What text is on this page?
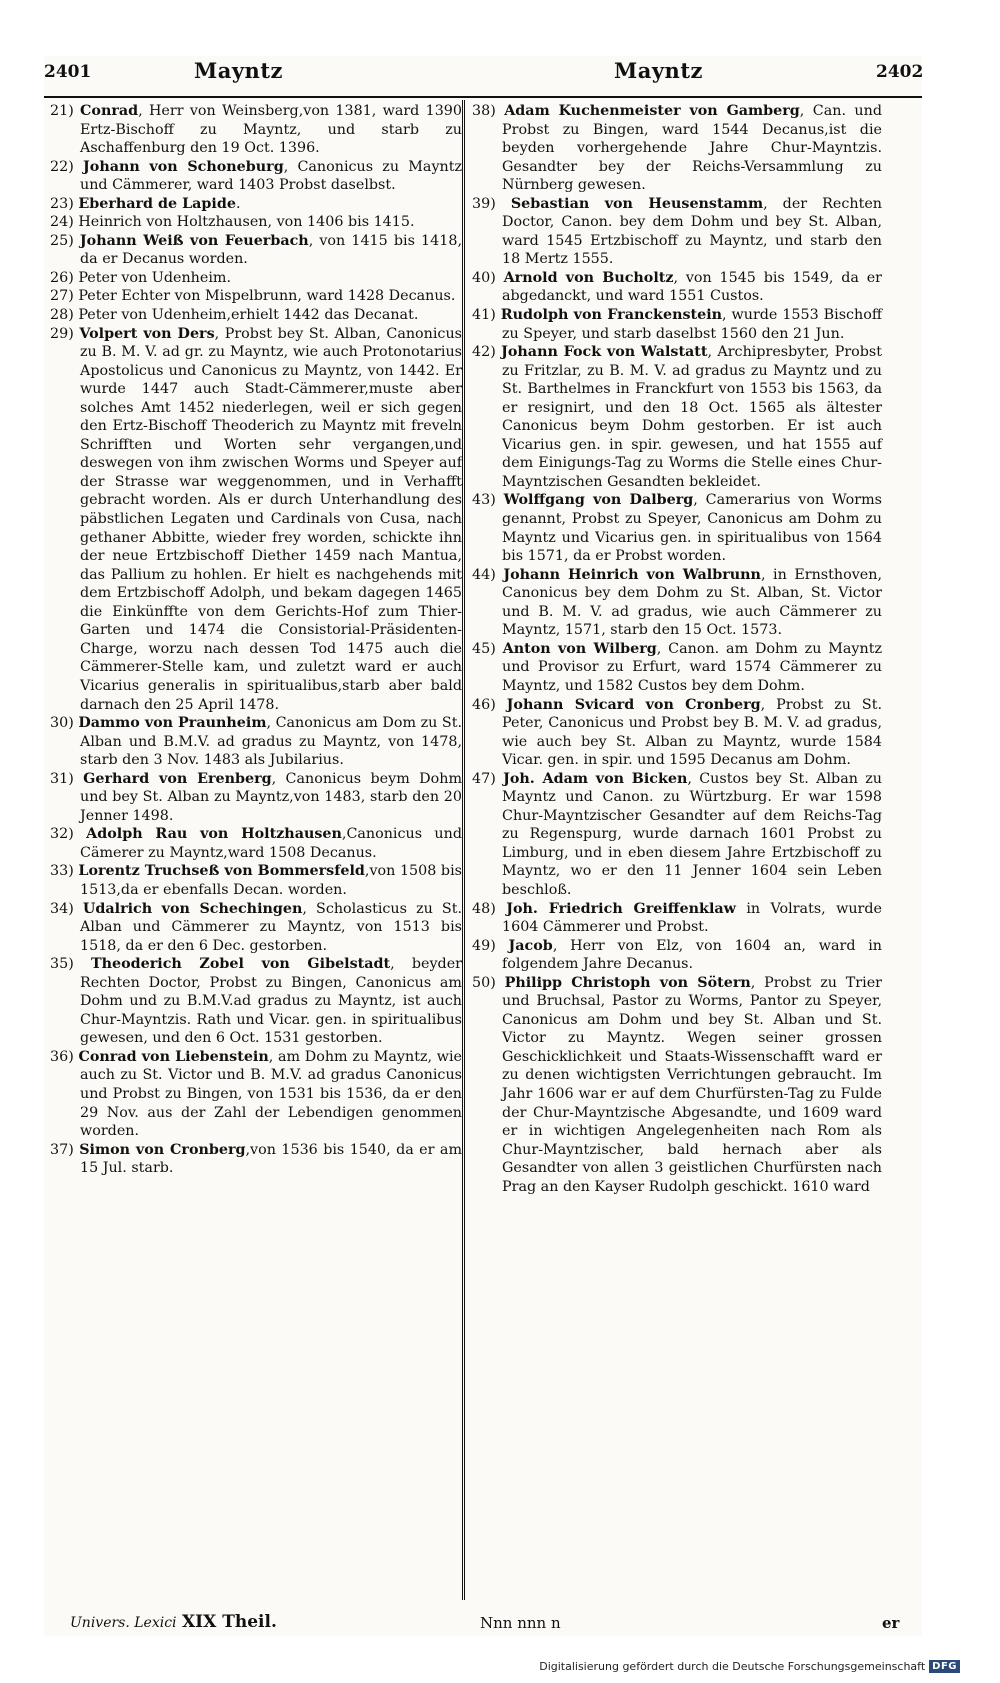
2401	Mayntz	Mayntz	2402

21) Conrad, Herr von Weinsberg,von 1381, ward 1390 Ertz-Bischoff zu Mayntz, und starb zu Aschaffenburg den 19 Oct. 1396.

22) Johann von Schoneburg, Canonicus zu Mayntz und Cämmerer, ward 1403 Probst daselbst.

23) Eberhard de Lapide.

24) Heinrich von Holtzhausen, von 1406 bis 1415.

25) Johann Weiß von Feuerbach, von 1415 bis 1418, da er Decanus worden.

26) Peter von Udenheim.

27) Peter Echter von Mispelbrunn, ward 1428 Decanus.

28) Peter von Udenheim,erhielt 1442 das Decanat.

29) Volpert von Ders, Probst bey St. Alban, Canonicus zu B. M. V. ad gr. zu Mayntz, wie auch Protonotarius Apostolicus und Canonicus zu Mayntz, von 1442. Er wurde 1447 auch Stadt-Cämmerer,muste aber solches Amt 1452 niederlegen, weil er sich gegen den Ertz-Bischoff Theoderich zu Mayntz mit freveln Schrifften und Worten sehr vergangen,und deswegen von ihm zwischen Worms und Speyer auf der Strasse war weggenommen, und in Verhafft gebracht worden. Als er durch Unterhandlung des päbstlichen Legaten und Cardinals von Cusa, nach gethaner Abbitte, wieder frey worden, schickte ihn der neue Ertzbischoff Diether 1459 nach Mantua, das Pallium zu hohlen. Er hielt es nachgehends mit dem Ertzbischoff Adolph, und bekam dagegen 1465 die Einkünffte von dem Gerichts-Hof zum Thier-Garten und 1474 die Consistorial-Präsidenten-Charge, worzu nach dessen Tod 1475 auch die Cämmerer-Stelle kam, und zuletzt ward er auch Vicarius generalis in spiritualibus,starb aber bald darnach den 25 April 1478.

30) Dammo von Praunheim, Canonicus am Dom zu St. Alban und B.M.V. ad gradus zu Mayntz, von 1478, starb den 3 Nov. 1483 als Jubilarius.

31) Gerhard von Erenberg, Canonicus beym Dohm und bey St. Alban zu Mayntz,von 1483, starb den 20 Jenner 1498.

32) Adolph Rau von Holtzhausen,Canonicus und Cämerer zu Mayntz,ward 1508 Decanus.

33) Lorentz Truchseß von Bommersfeld,von 1508 bis 1513,da er ebenfalls Decan. worden.

34) Udalrich von Schechingen, Scholasticus zu St. Alban und Cämmerer zu Mayntz, von 1513 bis 1518, da er den 6 Dec. gestorben.

35) Theoderich Zobel von Gibelstadt, beyder Rechten Doctor, Probst zu Bingen, Canonicus am Dohm und zu B.M.V.ad gradus zu Mayntz, ist auch Chur-Mayntzis. Rath und Vicar. gen. in spiritualibus gewesen, und den 6 Oct. 1531 gestorben.

36) Conrad von Liebenstein, am Dohm zu Mayntz, wie auch zu St. Victor und B. M.V. ad gradus Canonicus und Probst zu Bingen, von 1531 bis 1536, da er den 29 Nov. aus der Zahl der Lebendigen genommen worden.

37) Simon von Cronberg,von 1536 bis 1540, da er am 15 Jul. starb.

38) Adam Kuchenmeister von Gamberg, Can. und Probst zu Bingen, ward 1544 Decanus,ist die beyden vorhergehende Jahre Chur-Mayntzis. Gesandter bey der Reichs-Versammlung zu Nürnberg gewesen.

39) Sebastian von Heusenstamm, der Rechten Doctor, Canon. bey dem Dohm und bey St. Alban, ward 1545 Ertzbischoff zu Mayntz, und starb den 18 Mertz 1555.

40) Arnold von Bucholtz, von 1545 bis 1549, da er abgedanckt, und ward 1551 Custos.

41) Rudolph von Franckenstein, wurde 1553 Bischoff zu Speyer, und starb daselbst 1560 den 21 Jun.

42) Johann Fock von Walstatt, Archipresbyter, Probst zu Fritzlar, zu B. M. V. ad gradus zu Mayntz und zu St. Barthelmes in Franckfurt von 1553 bis 1563, da er resignirt, und den 18 Oct. 1565 als ältester Canonicus beym Dohm gestorben. Er ist auch Vicarius gen. in spir. gewesen, und hat 1555 auf dem Einigungs-Tag zu Worms die Stelle eines Chur-Mayntzischen Gesandten bekleidet.

43) Wolffgang von Dalberg, Camerarius von Worms genannt, Probst zu Speyer, Canonicus am Dohm zu Mayntz und Vicarius gen. in spiritualibus von 1564 bis 1571, da er Probst worden.

44) Johann Heinrich von Walbrunn, in Ernsthoven, Canonicus bey dem Dohm zu St. Alban, St. Victor und B. M. V. ad gradus, wie auch Cämmerer zu Mayntz, 1571, starb den 15 Oct. 1573.

45) Anton von Wilberg, Canon. am Dohm zu Mayntz und Provisor zu Erfurt, ward 1574 Cämmerer zu Mayntz, und 1582 Custos bey dem Dohm.

46) Johann Svicard von Cronberg, Probst zu St. Peter, Canonicus und Probst bey B. M. V. ad gradus, wie auch bey St. Alban zu Mayntz, wurde 1584 Vicar. gen. in spir. und 1595 Decanus am Dohm.

47) Joh. Adam von Bicken, Custos bey St. Alban zu Mayntz und Canon. zu Würtzburg. Er war 1598 Chur-Mayntzischer Gesandter auf dem Reichs-Tag zu Regenspurg, wurde darnach 1601 Probst zu Limburg, und in eben diesem Jahre Ertzbischoff zu Mayntz, wo er den 11 Jenner 1604 sein Leben beschloß.

48) Joh. Friedrich Greiffenklaw in Volrats, wurde 1604 Cämmerer und Probst.

49) Jacob, Herr von Elz, von 1604 an, ward in folgendem Jahre Decanus.

50) Philipp Christoph von Sötern, Probst zu Trier und Bruchsal, Pastor zu Worms, Pantor zu Speyer, Canonicus am Dohm und bey St. Alban und St. Victor zu Mayntz. Wegen seiner grossen Geschicklichkeit und Staats-Wissenschafft ward er zu denen wichtigsten Verrichtungen gebraucht. Im Jahr 1606 war er auf dem Churfürsten-Tag zu Fulde der Chur-Mayntzische Abgesandte, und 1609 ward er in wichtigen Angelegenheiten nach Rom als Chur-Mayntzischer, bald hernach aber als Gesandter von allen 3 geistlichen Churfürsten nach Prag an den Kayser Rudolph geschickt. 1610 ward

Univers. Lexici XIX Theil.	Nnn nnn n	er
Digitalisierung gefördert durch die Deutsche Forschungsgemeinschaft DFG
